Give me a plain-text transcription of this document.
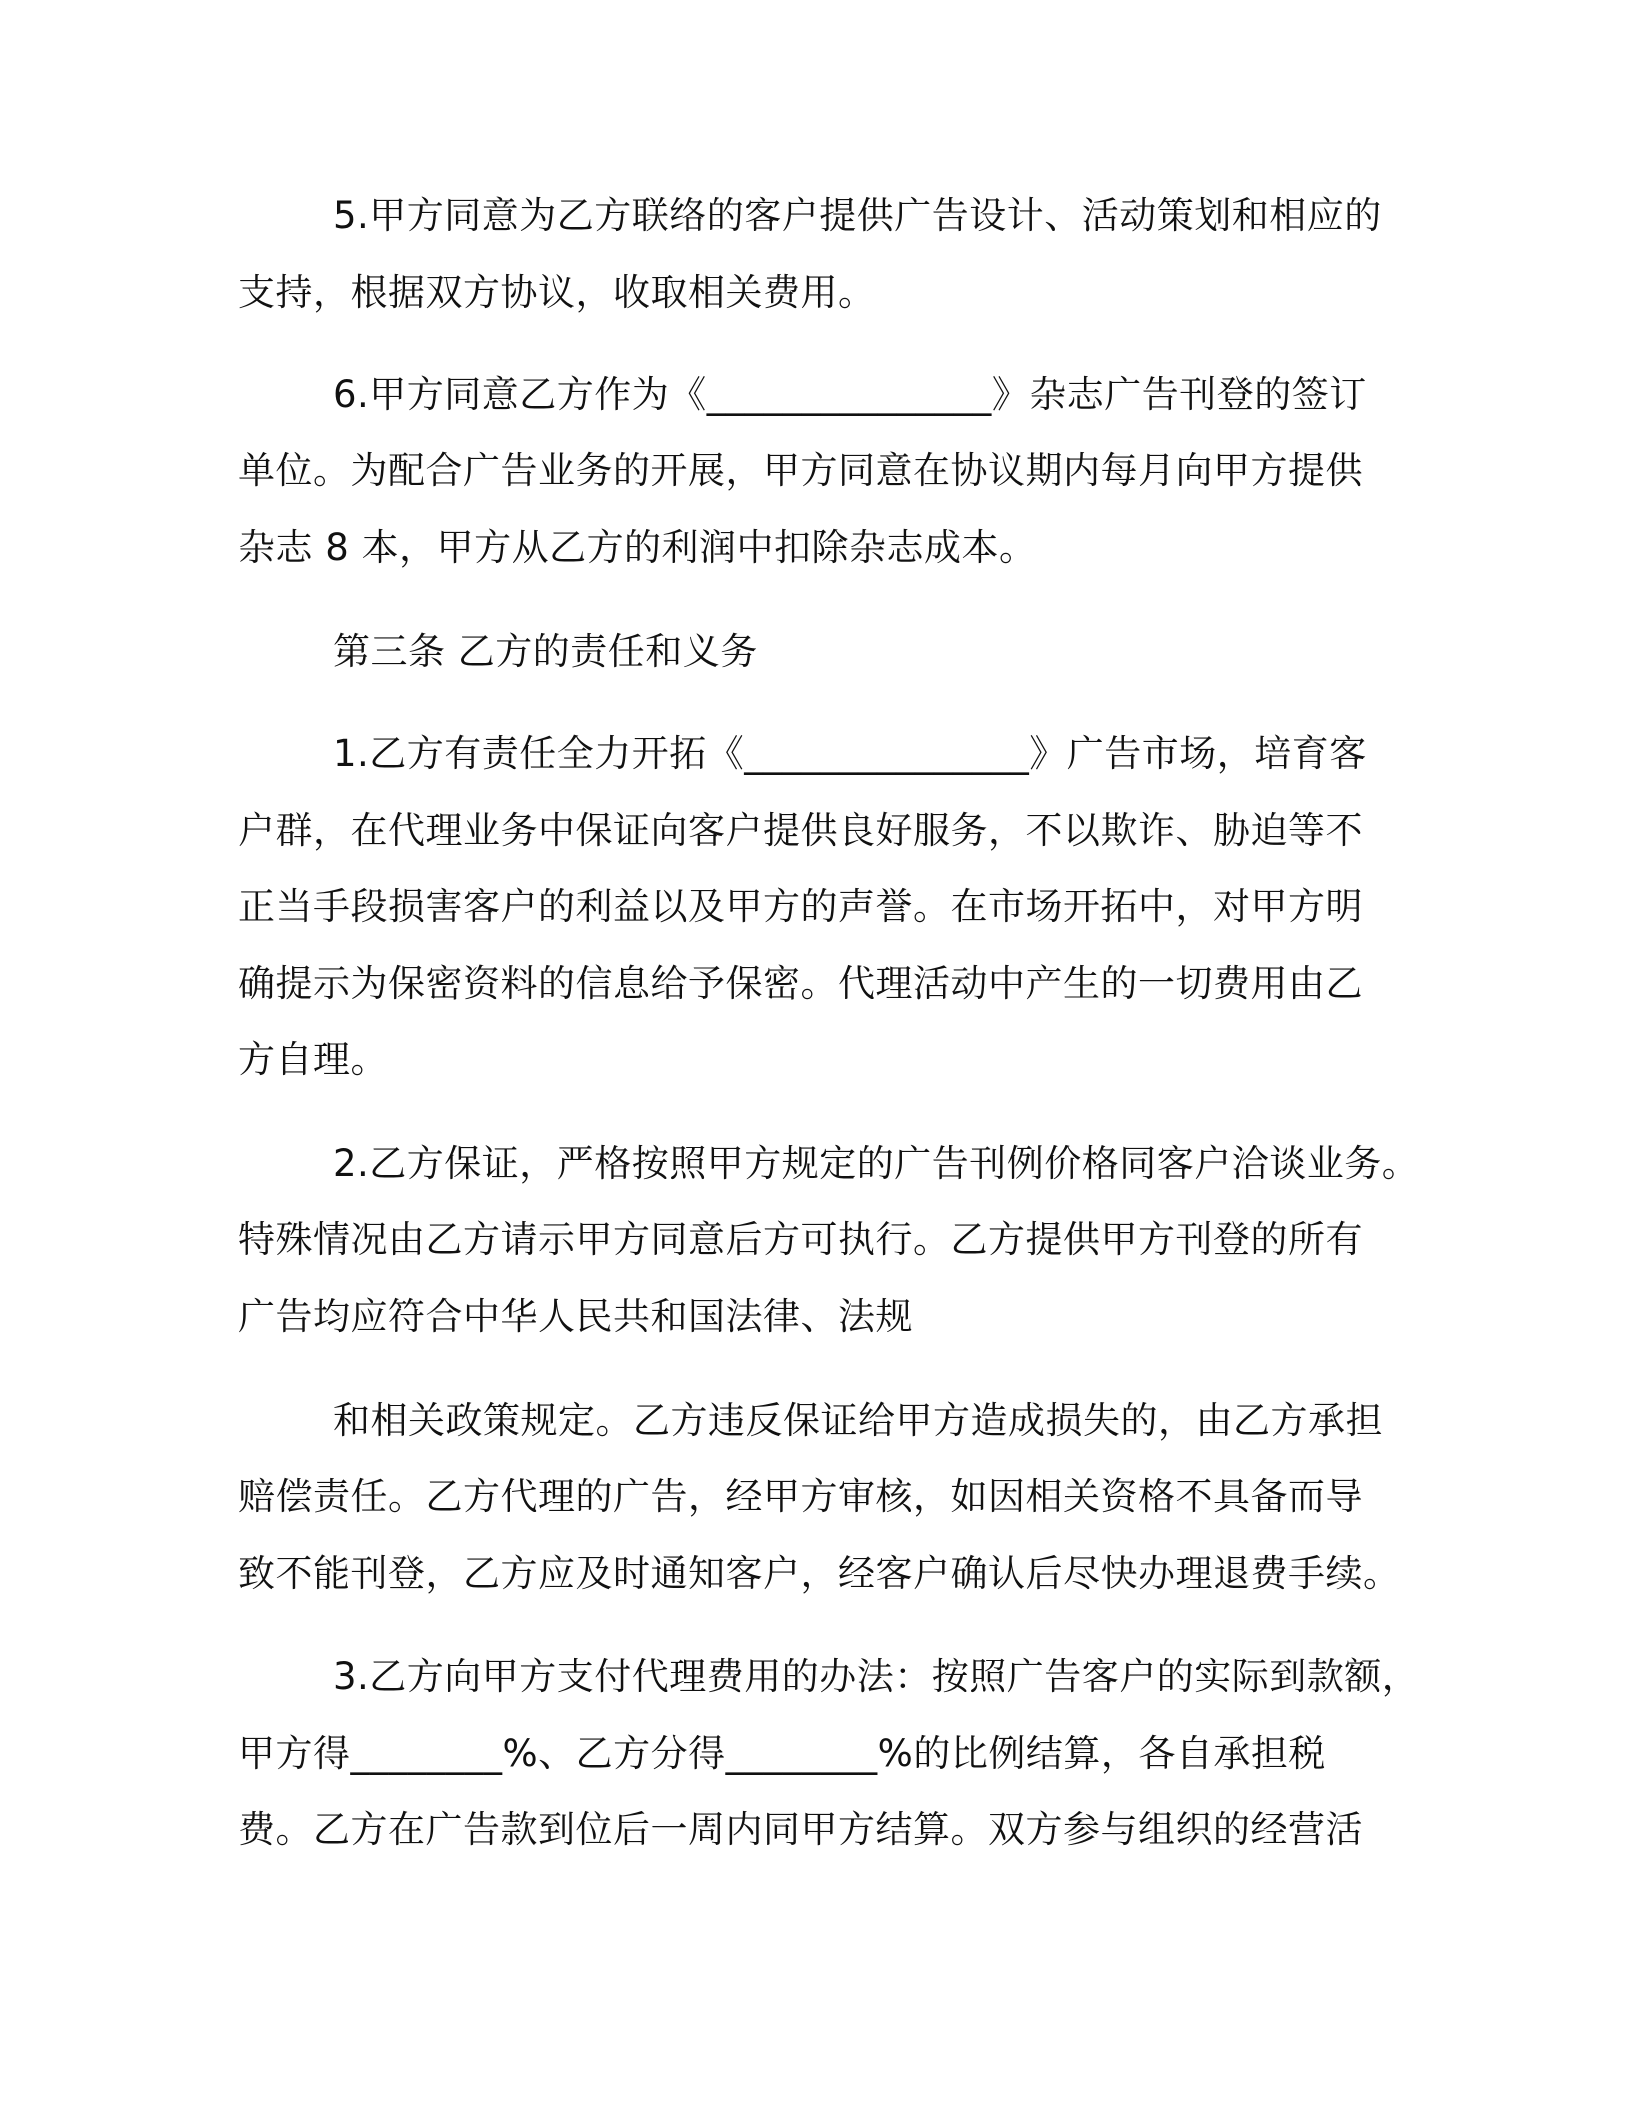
5.甲方同意为乙方联络的客户提供广告设计、活动策划和相应的
支持，根据双方协议，收取相关费用。
6.甲方同意乙方作为《_______________》杂志广告刊登的签订
单位。为配合广告业务的开展，甲方同意在协议期内每月向甲方提供
杂志 8 本，甲方从乙方的利润中扣除杂志成本。
第三条 乙方的责任和义务
1.乙方有责任全力开拓《_______________》广告市场，培育客
户群，在代理业务中保证向客户提供良好服务，不以欺诈、胁迫等不
正当手段损害客户的利益以及甲方的声誉。在市场开拓中，对甲方明
确提示为保密资料的信息给予保密。代理活动中产生的一切费用由乙
方自理。
2.乙方保证，严格按照甲方规定的广告刊例价格同客户洽谈业务。
特殊情况由乙方请示甲方同意后方可执行。乙方提供甲方刊登的所有
广告均应符合中华人民共和国法律、法规
和相关政策规定。乙方违反保证给甲方造成损失的，由乙方承担
赔偿责任。乙方代理的广告，经甲方审核，如因相关资格不具备而导
致不能刊登，乙方应及时通知客户，经客户确认后尽快办理退费手续。
3.乙方向甲方支付代理费用的办法：按照广告客户的实际到款额，
甲方得________%、乙方分得________%的比例结算，各自承担税
费。乙方在广告款到位后一周内同甲方结算。双方参与组织的经营活
